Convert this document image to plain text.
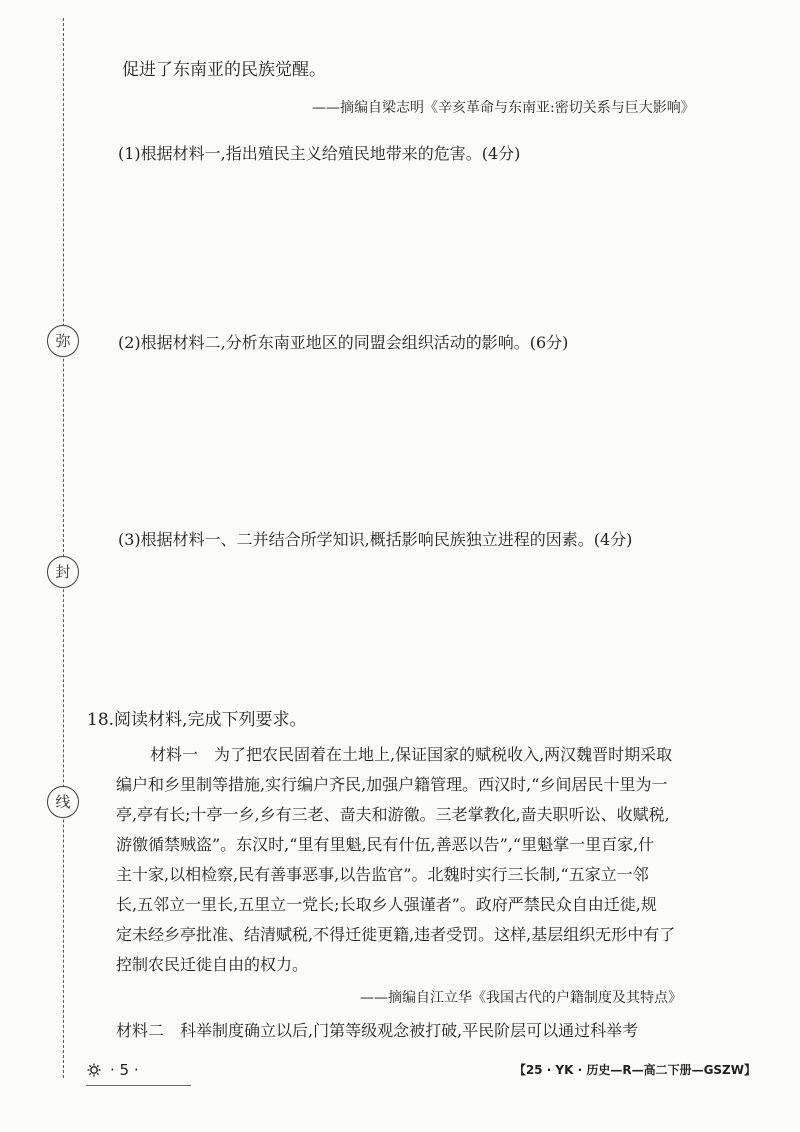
弥
封
线
促进了东南亚的民族觉醒。
——摘编自梁志明《辛亥革命与东南亚:密切关系与巨大影响》
(1)根据材料一,指出殖民主义给殖民地带来的危害。(4分)
(2)根据材料二,分析东南亚地区的同盟会组织活动的影响。(6分)
(3)根据材料一、二并结合所学知识,概括影响民族独立进程的因素。(4分)
18.阅读材料,完成下列要求。
材料一　为了把农民固着在土地上,保证国家的赋税收入,两汉魏晋时期采取
编户和乡里制等措施,实行编户齐民,加强户籍管理。西汉时,“乡间居民十里为一
亭,亭有长;十亭一乡,乡有三老、啬夫和游徼。三老掌教化,啬夫职听讼、收赋税,
游徼循禁贼盗”。东汉时,“里有里魁,民有什伍,善恶以告”,“里魁掌一里百家,什
主十家,以相检察,民有善事恶事,以告监官”。北魏时实行三长制,“五家立一邻
长,五邻立一里长,五里立一党长;长取乡人强谨者”。政府严禁民众自由迁徙,规
定未经乡亭批准、结清赋税,不得迁徙更籍,违者受罚。这样,基层组织无形中有了
控制农民迁徙自由的权力。
——摘编自江立华《我国古代的户籍制度及其特点》
材料二　科举制度确立以后,门第等级观念被打破,平民阶层可以通过科举考
· 5 ·	【25 · YK · 历史—R—高二下册—GSZW】
